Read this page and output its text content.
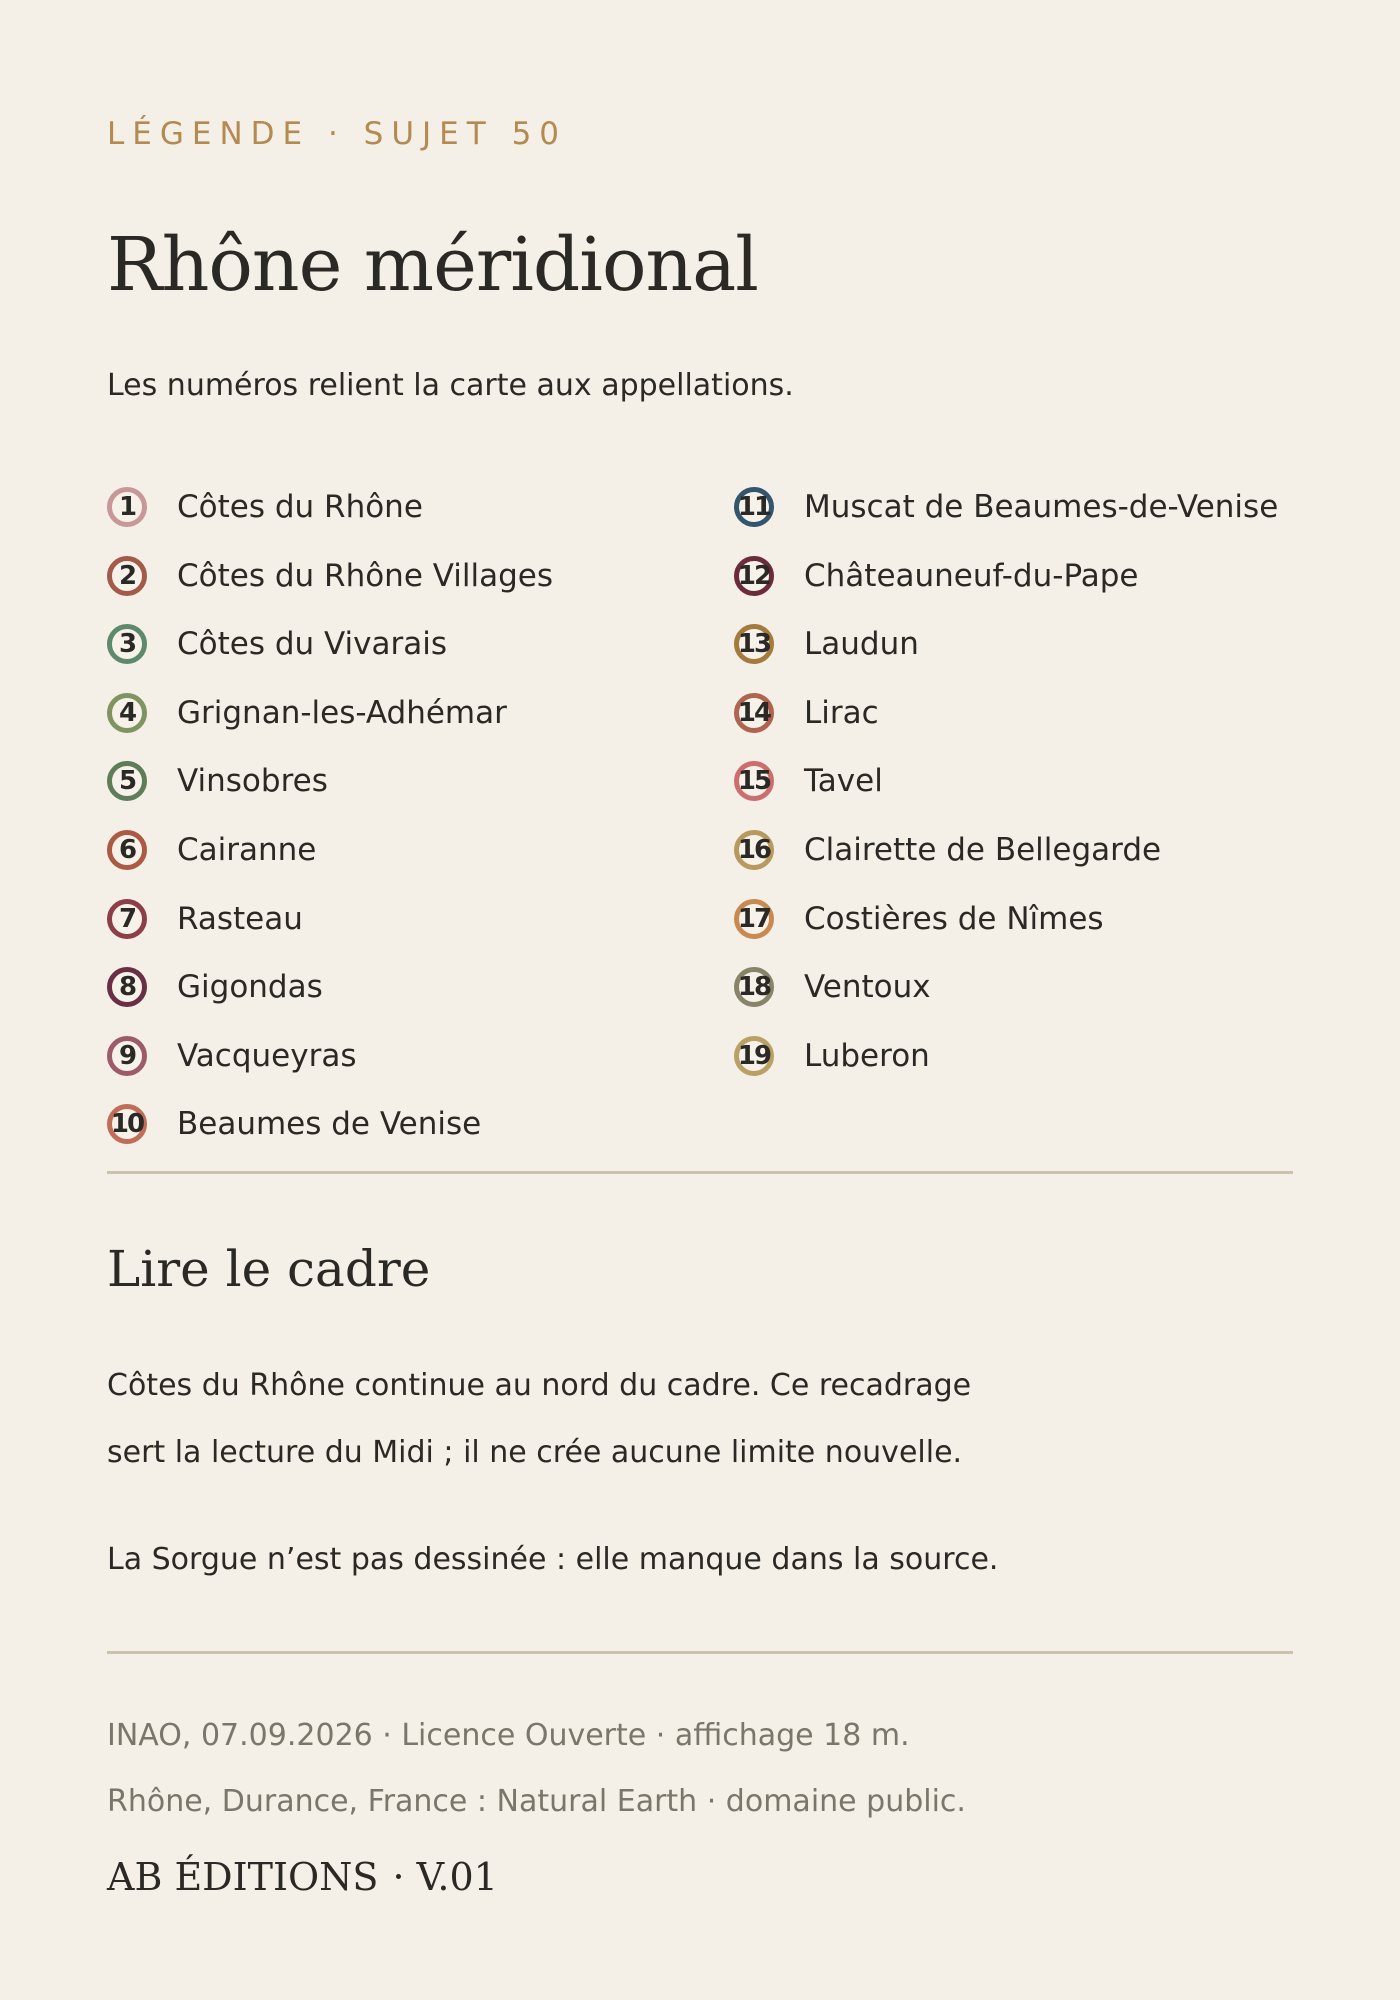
LÉGENDE · SUJET 50
Rhône méridional
Les numéros relient la carte aux appellations.
1	Côtes du Rhône
2	Côtes du Rhône Villages
3	Côtes du Vivarais
4	Grignan-les-Adhémar
5	Vinsobres
6	Cairanne
7	Rasteau
8	Gigondas
9	Vacqueyras
10 Beaumes de Venise
11 Muscat de Beaumes-de-Venise
12 Châteauneuf-du-Pape
13 Laudun
14 Lirac
15 Tavel
16 Clairette de Bellegarde
17 Costières de Nîmes
18 Ventoux
19 Luberon
Lire le cadre
Côtes du Rhône continue au nord du cadre. Ce recadrage
sert la lecture du Midi ; il ne crée aucune limite nouvelle.
La Sorgue n’est pas dessinée : elle manque dans la source.
INAO, 07.09.2026 · Licence Ouverte · affichage 18 m.
Rhône, Durance, France : Natural Earth · domaine public.
AB ÉDITIONS · V.01
